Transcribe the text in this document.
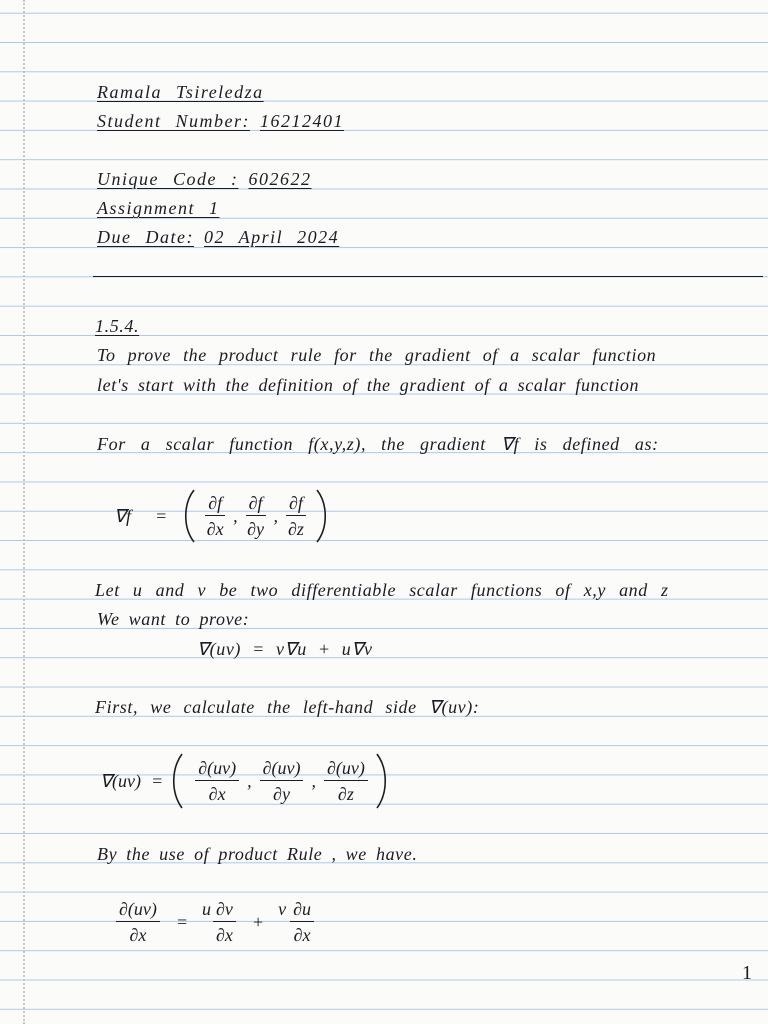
Ramala Tsireledza
Student Number: 16212401
Unique Code : 602622
Assignment 1
Due Date: 02 April 2024
1.5.4.
To prove the product rule for the gradient of a scalar function
let's start with the definition of the gradient of a scalar function
For a scalar function f(x,y,z), the gradient ∇f is defined as:
$\nabla f = \frac{\partial f}{\partial x}$ , $\frac{\partial f}{\partial y}$ , $\frac{\partial f}{\partial z}$
Let u and v be two differentiable scalar functions of x,y and z
We want to prove:
∇(uv) = v∇u + u∇v
First, we calculate the left-hand side ∇(uv):
$\nabla(uv) = \frac{\partial(uv)}{\partial x}$ , $\frac{\partial(uv)}{\partial y}$ , $\frac{\partial(uv)}{\partial z}$
By the use of product Rule , we have.
$\frac{\partial(uv)}{\partial x}$ =
u $\frac{\partial v}{\partial x}$ +
v $\frac{\partial u}{\partial x}$
1
